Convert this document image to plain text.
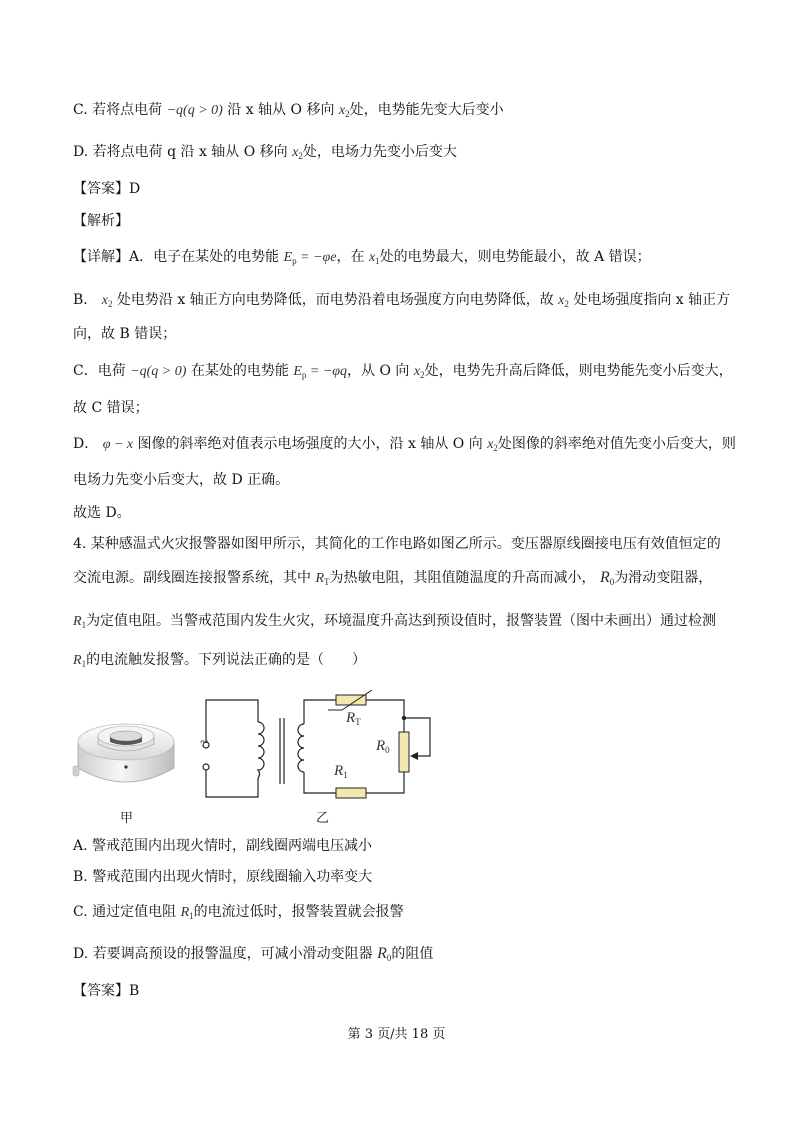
C. 若将点电荷 −q(q > 0) 沿 x 轴从 O 移向 $x_2$处，电势能先变大后变小
D. 若将点电荷 q 沿 x 轴从 O 移向 $x_2$处，电场力先变小后变大
【答案】D
【解析】
【详解】A．电子在某处的电势能 $E_p = -\varphi e$，在 $x_1$处的电势最大，则电势能最小，故 A 错误；
B． $x_2$ 处电势沿 x 轴正方向电势降低，而电势沿着电场强度方向电势降低，故 $x_2$ 处电场强度指向 x 轴正方
向，故 B 错误；
C．电荷 −q(q > 0) 在某处的电势能 $E_p = -\varphi q$，从 O 向 $x_2$处，电势先升高后降低，则电势能先变小后变大，
故 C 错误；
D． φ − x 图像的斜率绝对值表示电场强度的大小，沿 x 轴从 O 向 $x_2$处图像的斜率绝对值先变小后变大，则
电场力先变小后变大，故 D 正确。
故选 D。
4. 某种感温式火灾报警器如图甲所示，其简化的工作电路如图乙所示。变压器原线圈接电压有效值恒定的
交流电源。副线圈连接报警系统，其中 $R_T$为热敏电阻，其阻值随温度的升高而减小， $R_0$为滑动变阻器，
$R_1$为定值电阻。当警戒范围内发生火灾，环境温度升高达到预设值时，报警装置（图中未画出）通过检测
$R_1$的电流触发报警。下列说法正确的是（　　）
甲
~
$R_T$
$R_0$
$R_1$
乙
A. 警戒范围内出现火情时，副线圈两端电压减小
B. 警戒范围内出现火情时，原线圈输入功率变大
C. 通过定值电阻 $R_1$的电流过低时，报警装置就会报警
D. 若要调高预设的报警温度，可减小滑动变阻器 $R_0$的阻值
【答案】B
第 3 页/共 18 页
